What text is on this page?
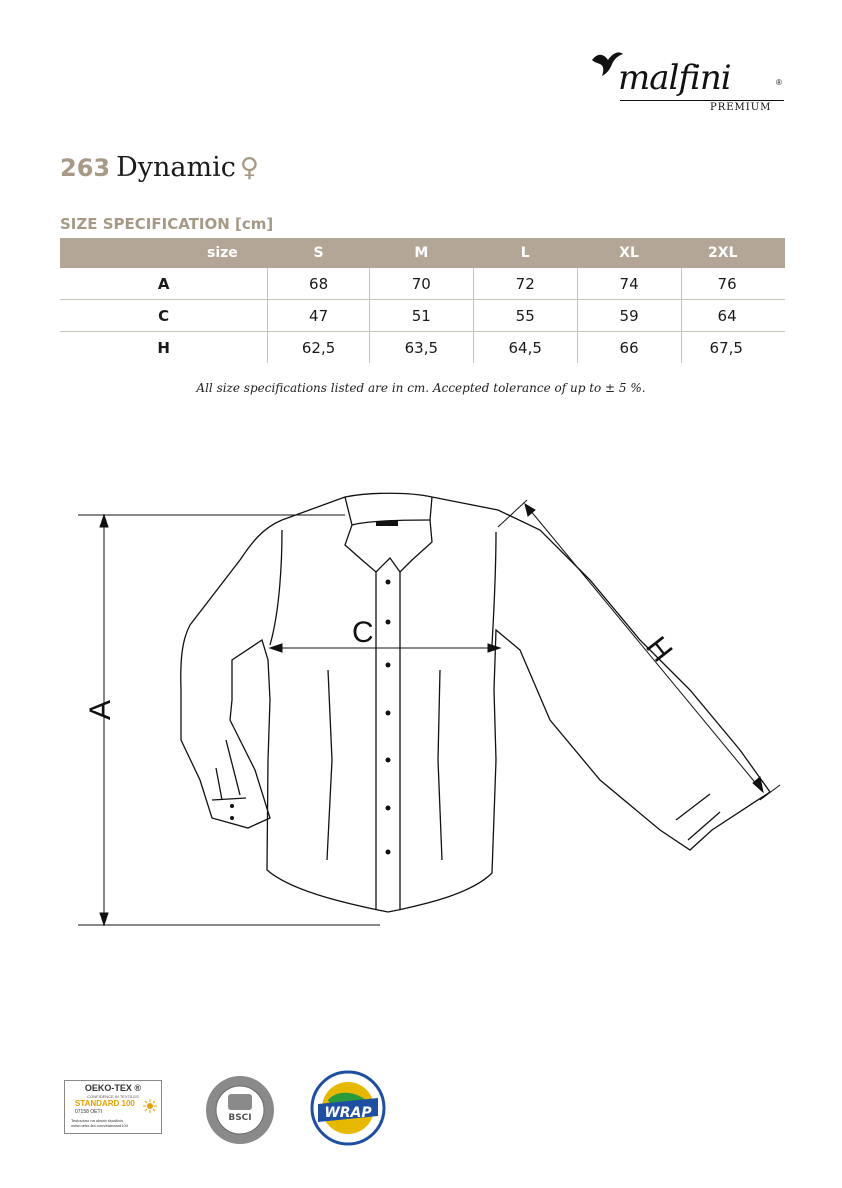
malfini	®
PREMIUM
263 Dynamic ♀
SIZE SPECIFICATION [cm]
size	S	M	L	XL	2XL
A	68	70	72	74	76
C	47	51	55	59	64
H	62,5	63,5	64,5	66	67,5
All size specifications listed are in cm. Accepted tolerance of up to ± 5 %.
A
C	H
OEKO-TEX ®
CONFIDENCE IN TEXTILES
STANDARD 100
07158 OETI
Testováno na obsah škodlivin.
www.oeko-tex.com/standard100
BSCI	WRAP
